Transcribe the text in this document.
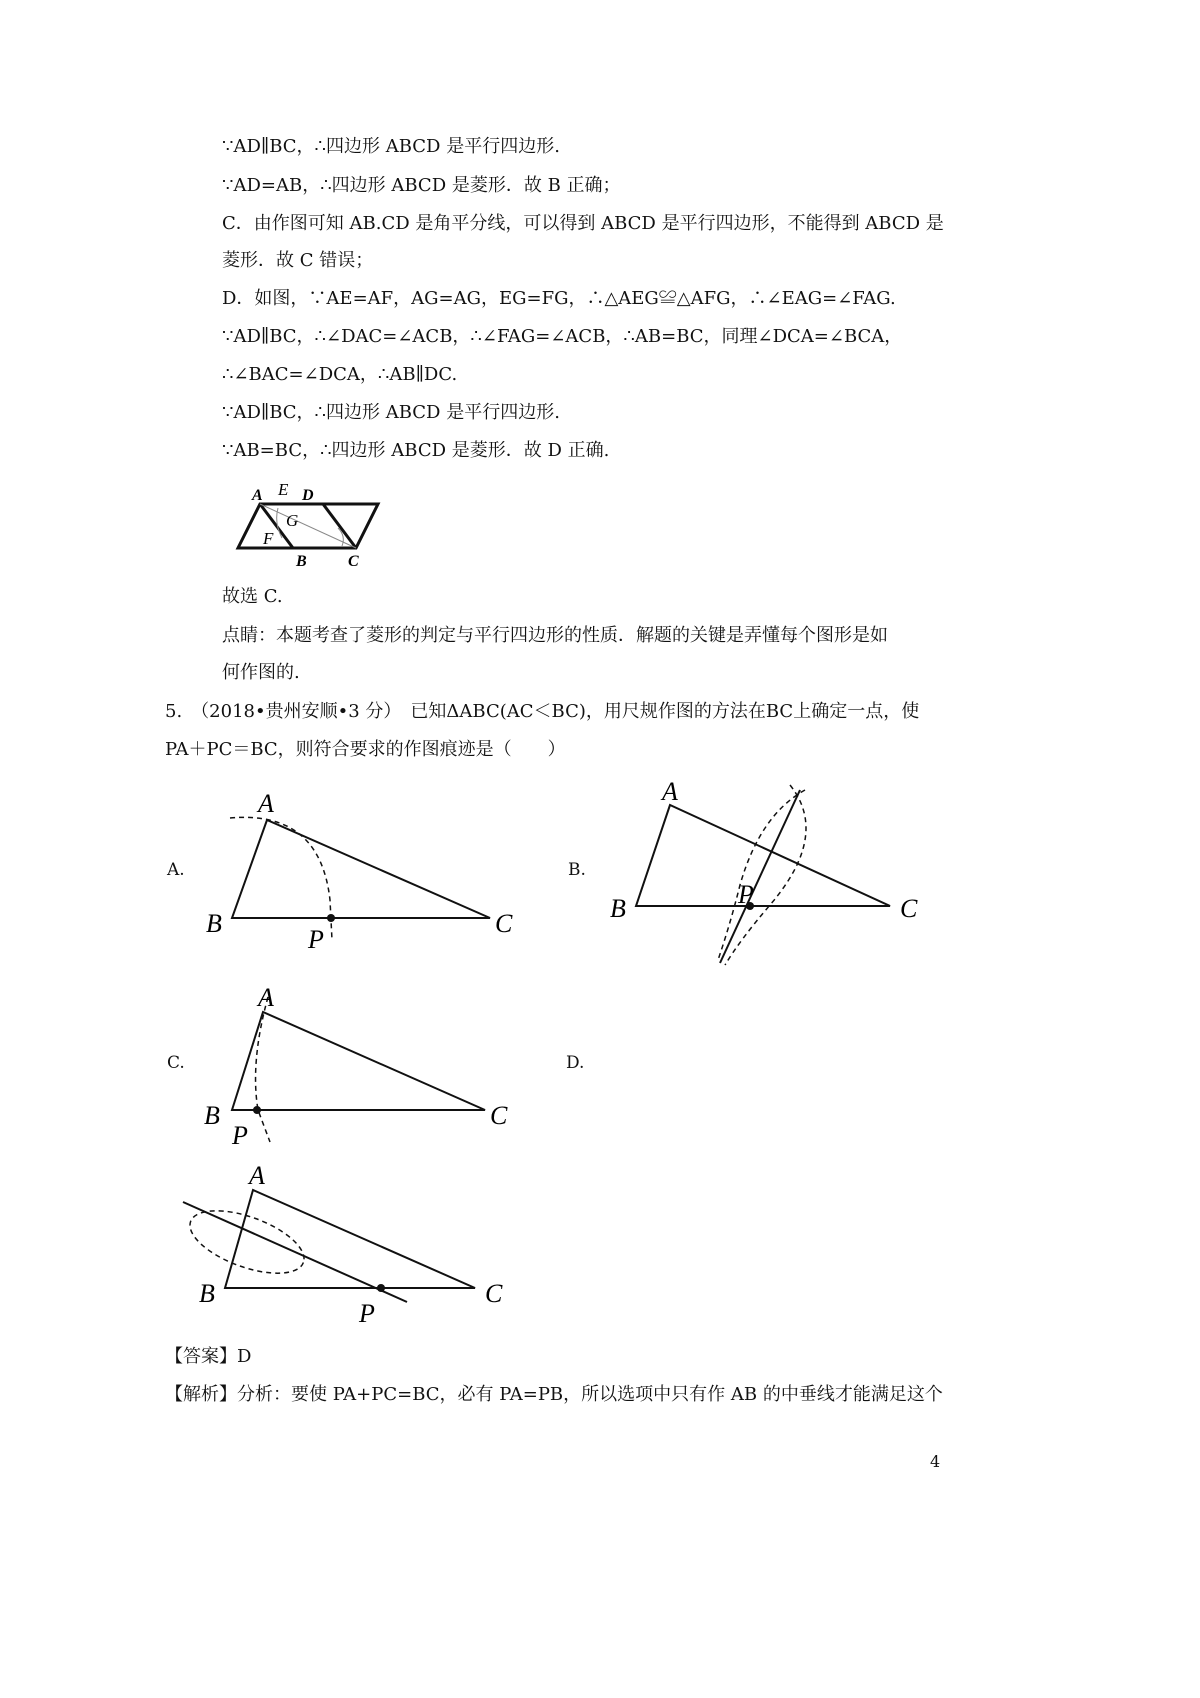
∵AD∥BC，∴四边形 ABCD 是平行四边形.
∵AD=AB，∴四边形 ABCD 是菱形．故 B 正确；
C．由作图可知 AB.CD 是角平分线，可以得到 ABCD 是平行四边形，不能得到 ABCD 是
菱形．故 C 错误；
D．如图，∵AE=AF，AG=AG，EG=FG，∴△AEG≌△AFG，∴∠EAG=∠FAG.
∵AD∥BC，∴∠DAC=∠ACB，∴∠FAG=∠ACB，∴AB=BC，同理∠DCA=∠BCA，
∴∠BAC=∠DCA，∴AB∥DC.
∵AD∥BC，∴四边形 ABCD 是平行四边形.
∵AB=BC，∴四边形 ABCD 是菱形．故 D 正确.
A E D
G
F
B	C
故选 C.
点睛：本题考查了菱形的判定与平行四边形的性质．解题的关键是弄懂每个图形是如
何作图的.
5.　（2018•贵州安顺•3 分）　已知ΔABC(AC＜BC)，用尺规作图的方法在BC上确定一点，使
PA＋PC＝BC，则符合要求的作图痕迹是（　　）
A.
A
B
P
C
B.
A
B	P	C
C.
A
B
P
C
D.
A
B
P
C
【答案】D
【解析】分析：要使 PA+PC=BC，必有 PA=PB，所以选项中只有作 AB 的中垂线才能满足这个
4
